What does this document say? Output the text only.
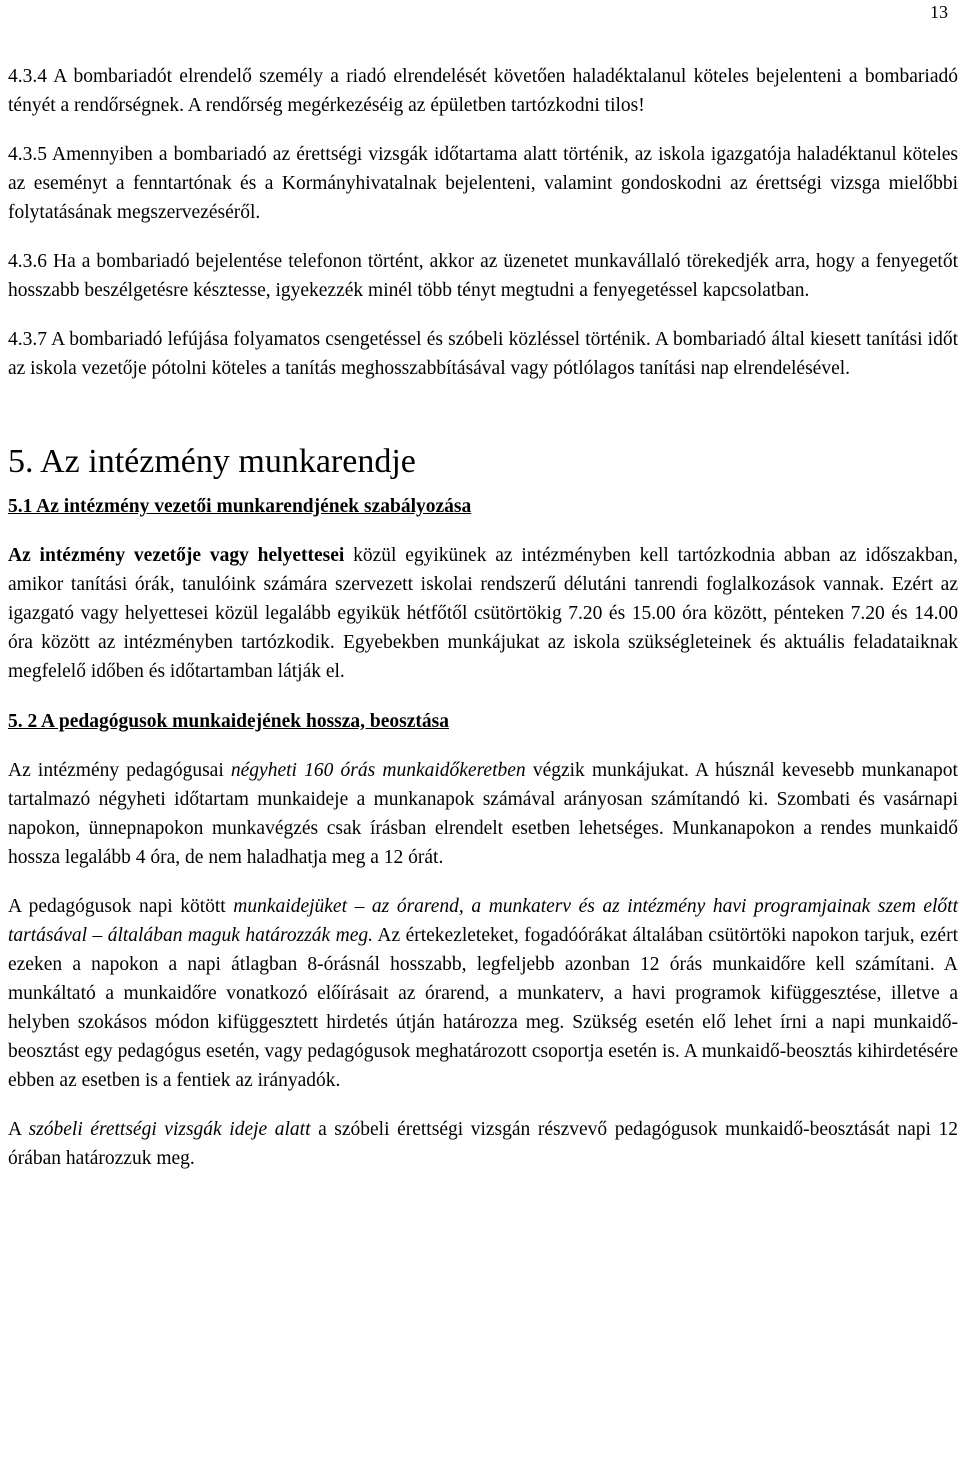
13

4.3.4 A bombariadót elrendelő személy a riadó elrendelését követően haladéktalanul köteles bejelenteni a bombariadó tényét a rendőrségnek. A rendőrség megérkezéséig az épületben tartózkodni tilos!

4.3.5 Amennyiben a bombariadó az érettségi vizsgák időtartama alatt történik, az iskola igazgatója haladéktanul köteles az eseményt a fenntartónak és a Kormányhivatalnak bejelenteni, valamint gondoskodni az érettségi vizsga mielőbbi folytatásának megszervezéséről.

4.3.6 Ha a bombariadó bejelentése telefonon történt, akkor az üzenetet munkavállaló törekedjék arra, hogy a fenyegetőt hosszabb beszélgetésre késztesse, igyekezzék minél több tényt megtudni a fenyegetéssel kapcsolatban.

4.3.7 A bombariadó lefújása folyamatos csengetéssel és szóbeli közléssel történik. A bombariadó által kiesett tanítási időt az iskola vezetője pótolni köteles a tanítás meghosszabbításával vagy pótlólagos tanítási nap elrendelésével.

5. Az intézmény munkarendje
5.1 Az intézmény vezetői munkarendjének szabályozása

Az intézmény vezetője vagy helyettesei közül egyikünek az intézményben kell tartózkodnia abban az időszakban, amikor tanítási órák, tanulóink számára szervezett iskolai rendszerű délutáni tanrendi foglalkozások vannak. Ezért az igazgató vagy helyettesei közül legalább egyikük hétfőtől csütörtökig 7.20 és 15.00 óra között, pénteken 7.20 és 14.00 óra között az intézményben tartózkodik. Egyebekben munkájukat az iskola szükségleteinek és aktuális feladataiknak megfelelő időben és időtartamban látják el.

5. 2 A pedagógusok munkaidejének hossza, beosztása

Az intézmény pedagógusai négyheti 160 órás munkaidőkeretben végzik munkájukat. A húsznál kevesebb munkanapot tartalmazó négyheti időtartam munkaideje a munkanapok számával arányosan számítandó ki. Szombati és vasárnapi napokon, ünnepnapokon munkavégzés csak írásban elrendelt esetben lehetséges. Munkanapokon a rendes munkaidő hossza legalább 4 óra, de nem haladhatja meg a 12 órát.

A pedagógusok napi kötött munkaidejüket – az órarend, a munkaterv és az intézmény havi programjainak szem előtt tartásával – általában maguk határozzák meg. Az értekezleteket, fogadóórákat általában csütörtöki napokon tarjuk, ezért ezeken a napokon a napi átlagban 8-órásnál hosszabb, legfeljebb azonban 12 órás munkaidőre kell számítani. A munkáltató a munkaidőre vonatkozó előírásait az órarend, a munkaterv, a havi programok kifüggesztése, illetve a helyben szokásos módon kifüggesztett hirdetés útján határozza meg. Szükség esetén elő lehet írni a napi munkaidő-beosztást egy pedagógus esetén, vagy pedagógusok meghatározott csoportja esetén is. A munkaidő-beosztás kihirdetésére ebben az esetben is a fentiek az irányadók.

A szóbeli érettségi vizsgák ideje alatt a szóbeli érettségi vizsgán részvevő pedagógusok munkaidő-beosztását napi 12 órában határozzuk meg.
